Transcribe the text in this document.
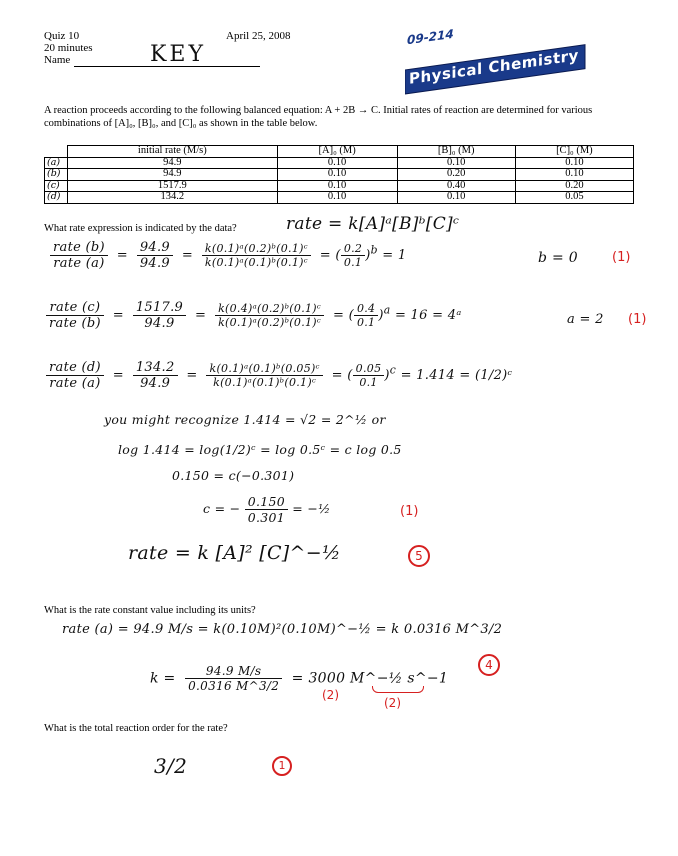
Quiz 10
20 minutes
Name	KEY
April 25, 2008	09-214
Physical Chemistry
A reaction proceeds according to the following balanced equation: A + 2B → C. Initial rates of reaction are determined for various
combinations of [A]₀, [B]₀, and [C]₀ as shown in the table below.
	initial rate (M/s)	[A]₀ (M)	[B]₀ (M)	[C]₀ (M)
(a)	94.9	0.10	0.10	0.10
(b)	94.9	0.10	0.20	0.10
(c)	1517.9	0.10	0.40	0.20
(d)	134.2	0.10	0.10	0.05
What rate expression is indicated by the data?	rate = k[A]ᵃ[B]ᵇ[C]ᶜ
$\frac{\text{rate (b)}}{\text{rate (a)}} = \frac{94.9}{94.9} = \frac{\text{k(0.1)ᵃ(0.2)ᵇ(0.1)ᶜ}}{\text{k(0.1)ᵃ(0.1)ᵇ(0.1)ᶜ}}$ = ( $\frac{0.2}{0.1} )^b = 1$	b = 0	(1)
$\frac{\text{rate (c)}}{\text{rate (b)}} = \frac{1517.9}{94.9} = \frac{\text{k(0.4)ᵃ(0.2)ᵇ(0.1)ᶜ}}{\text{k(0.1)ᵃ(0.2)ᵇ(0.1)ᶜ}}$ = ( $\frac{0.4}{0.1} )^a = 16$ = 4ᵃ	a = 2 (1)
$\frac{\text{rate (d)}}{\text{rate (a)}} = \frac{134.2}{94.9} = \frac{\text{k(0.1)ᵃ(0.1)ᵇ(0.05)ᶜ}}{\text{k(0.1)ᵃ(0.1)ᵇ(0.1)ᶜ}}$ = ( $\frac{0.05}{0.1} )^c = 1.414$ = (1/2)ᶜ
you might recognize 1.414 = √2 = 2^½ or
log 1.414 = log(1/2)ᶜ = log 0.5ᶜ = c log 0.5
0.150 = c(−0.301)
c = − $\frac{0.150}{0.301}$ = −½	(1)
rate = k [A]² [C]^−½	5
What is the rate constant value including its units?
rate (a) = 94.9 M/s = k(0.10M)²(0.10M)^−½ = k 0.0316 M^3/2
$k = \frac{94.9 M/s}{0.0316 M\^{}3/2} = 3000$ M^−½ s^−1
(2)
(2)
4
What is the total reaction order for the rate?
3/2	1
